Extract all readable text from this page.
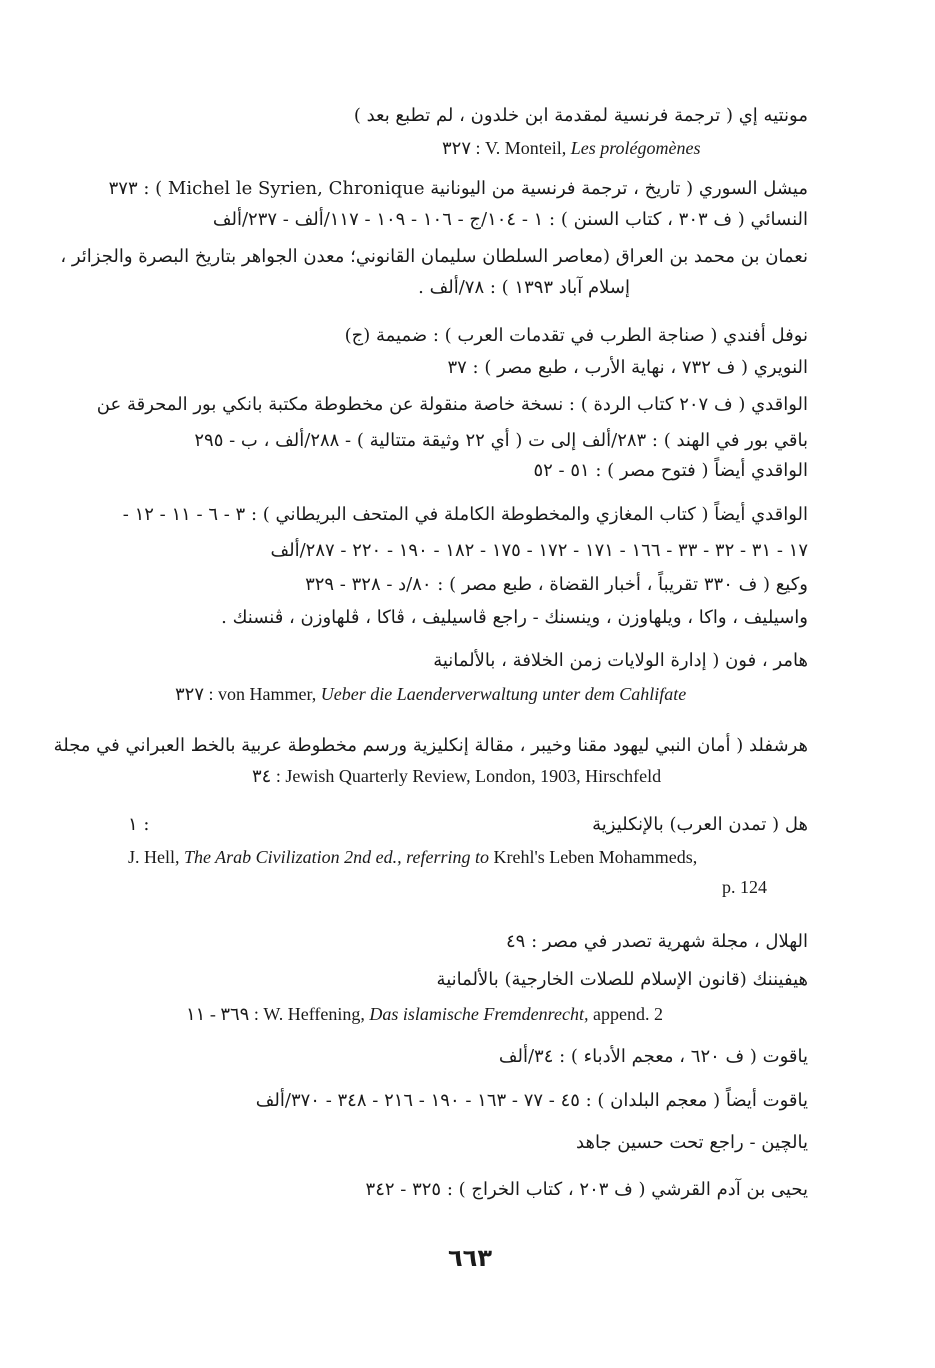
مونتيه إي ( ترجمة فرنسية لمقدمة ابن خلدون ، لم تطبع بعد )
٣٢٧ : V. Monteil, Les prolégomènes
ميشل السوري ( تاريخ ، ترجمة فرنسية من اليونانية Michel le Syrien, Chronique ) : ٣٧٣
النسائي ( ف ٣٠٣ ، كتاب السنن ) : ١ - ١٠٤/ج - ١٠٦ - ١٠٩ - ١١٧/ألف - ٢٣٧/ألف
نعمان بن محمد بن العراق (معاصر السلطان سليمان القانوني؛ معدن الجواهر بتاريخ البصرة والجزائر ،
إسلام آباد ١٣٩٣ ) : ٧٨/ألف .
نوفل أفندي ( صناجة الطرب في تقدمات العرب ) : ضميمة (ج)
النويري ( ف ٧٣٢ ، نهاية الأرب ، طبع مصر ) : ٣٧
الواقدي ( ف ٢٠٧ كتاب الردة ) : نسخة خاصة منقولة عن مخطوطة مكتبة بانكي بور المحرقة عن
باقي بور في الهند ) : ٢٨٣/ألف إلى ت ( أي ٢٢ وثيقة متتالية ) - ٢٨٨/ألف ، ب - ٢٩٥
الواقدي أيضاً ( فتوح مصر ) : ٥١ - ٥٢
الواقدي أيضاً ( كتاب المغازي والمخطوطة الكاملة في المتحف البريطاني ) : ٣ - ٦ - ١١ - ١٢ -
١٧ - ٣١ - ٣٢ - ٣٣ - ١٦٦ - ١٧١ - ١٧٢ - ١٧٥ - ١٨٢ - ١٩٠ - ٢٢٠ - ٢٨٧/ألف
وكيع ( ف ٣٣٠ تقريباً ، أخبار القضاة ، طبع مصر ) : ٨٠/د - ٣٢٨ - ٣٢٩
واسيليف ، واكا ، ويلهاوزن ، وينسنك - راجع ڤاسيليف ، ڤاكا ، ڤلهاوزن ، ڤنسنك .
هامر ، فون ( إدارة الولايات زمن الخلافة ، بالألمانية
٣٢٧ : von Hammer, Ueber die Laenderverwaltung unter dem Cahlifate
هرشفلد ( أمان النبي ليهود مقنا وخيبر ، مقالة إنكليزية ورسم مخطوطة عربية بالخط العبراني في مجلة
٣٤ : Jewish Quarterly Review, London, 1903, Hirschfeld
هل ( تمدن العرب) بالإنكليزية
١ :
J. Hell, The Arab Civilization 2nd ed., referring to Krehl's Leben Mohammeds,
p. 124
الهلال ، مجلة شهرية تصدر في مصر : ٤٩
هيفيننك (قانون الإسلام للصلات الخارجية) بالألمانية
٣٦٩ - ١١ : W. Heffening, Das islamische Fremdenrecht, append. 2
ياقوت ( ف ٦٢٠ ، معجم الأدباء ) : ٣٤/ألف
ياقوت أيضاً ( معجم البلدان ) : ٤٥ - ٧٧ - ١٦٣ - ١٩٠ - ٢١٦ - ٣٤٨ - ٣٧٠/ألف
يالچين - راجع تحت حسين جاهد
يحيى بن آدم القرشي ( ف ٢٠٣ ، كتاب الخراج ) : ٣٢٥ - ٣٤٢
٦٦٣
